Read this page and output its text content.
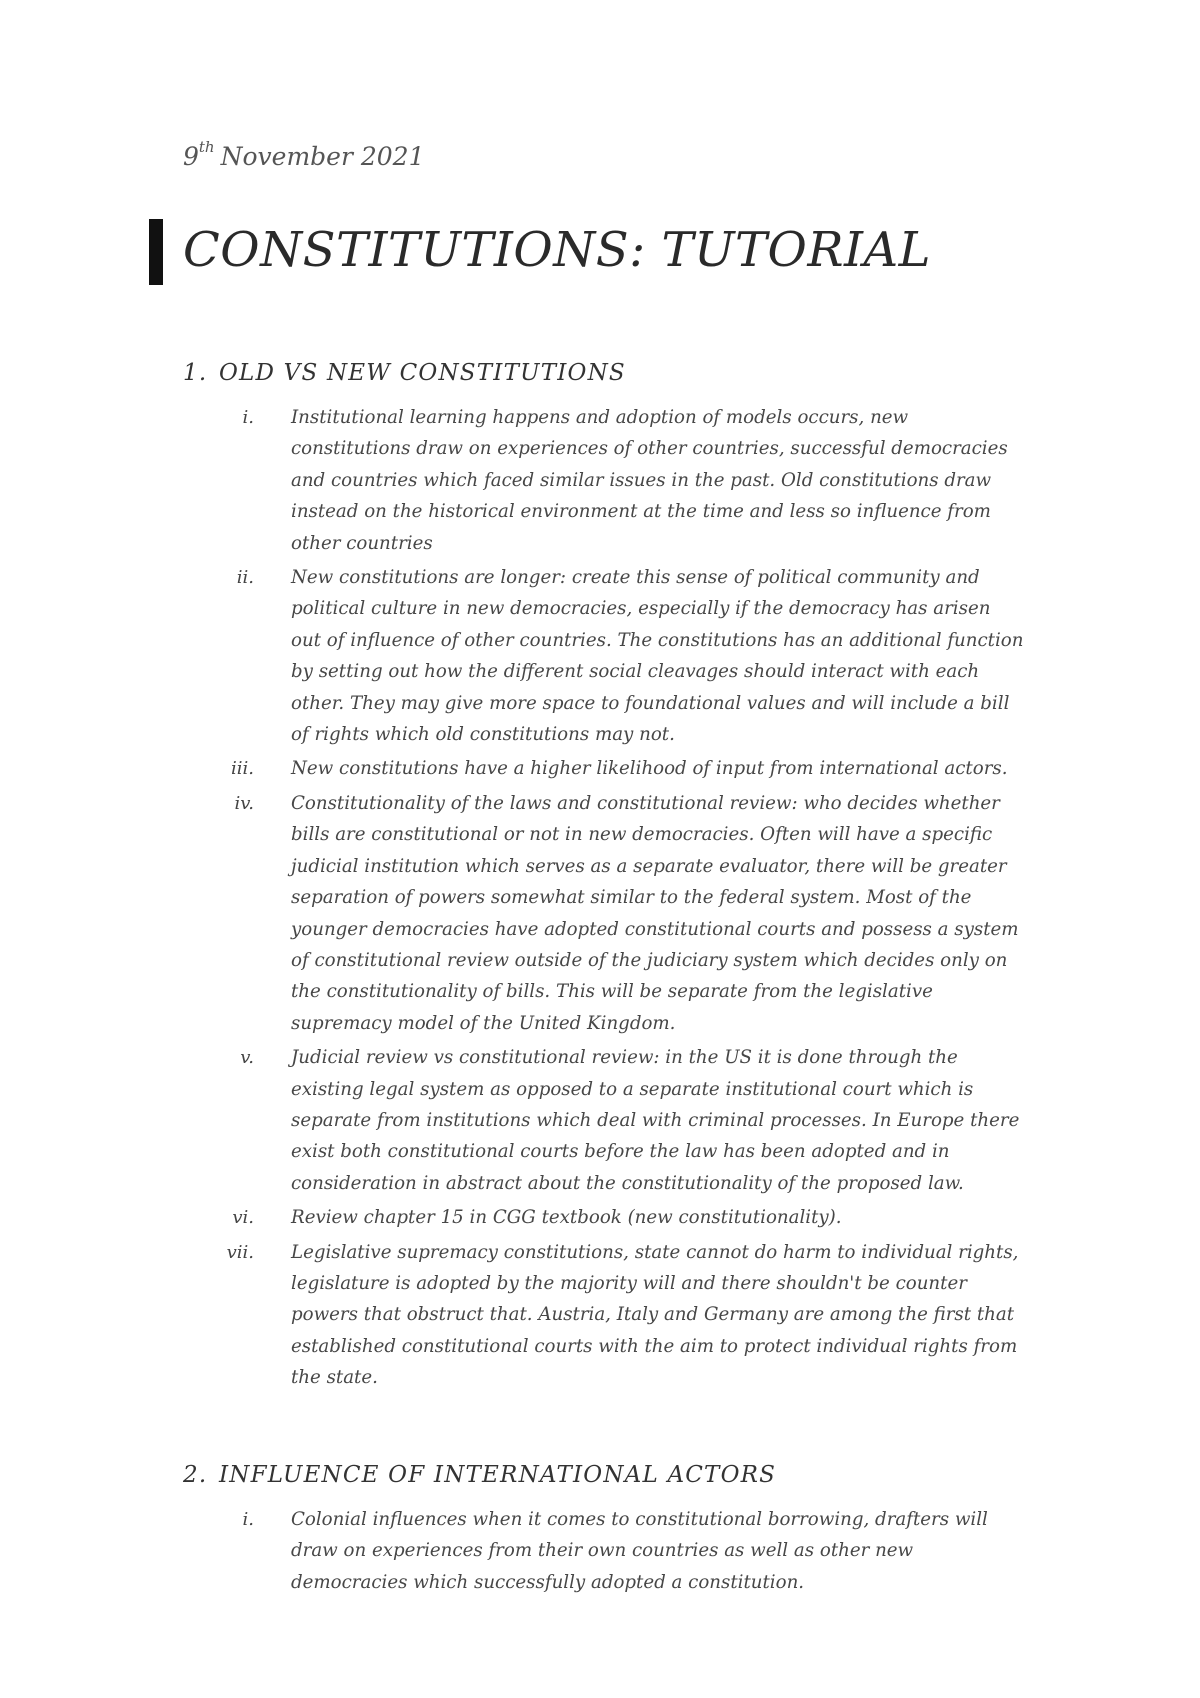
9th November 2021
CONSTITUTIONS: TUTORIAL
1. OLD VS NEW CONSTITUTIONS
i. Institutional learning happens and adoption of models occurs, new constitutions draw on experiences of other countries, successful democracies and countries which faced similar issues in the past. Old constitutions draw instead on the historical environment at the time and less so influence from other countries
ii. New constitutions are longer: create this sense of political community and political culture in new democracies, especially if the democracy has arisen out of influence of other countries. The constitutions has an additional function by setting out how the different social cleavages should interact with each other. They may give more space to foundational values and will include a bill of rights which old constitutions may not.
iii. New constitutions have a higher likelihood of input from international actors.
iv. Constitutionality of the laws and constitutional review: who decides whether bills are constitutional or not in new democracies. Often will have a specific judicial institution which serves as a separate evaluator, there will be greater separation of powers somewhat similar to the federal system. Most of the younger democracies have adopted constitutional courts and possess a system of constitutional review outside of the judiciary system which decides only on the constitutionality of bills. This will be separate from the legislative supremacy model of the United Kingdom.
v. Judicial review vs constitutional review: in the US it is done through the existing legal system as opposed to a separate institutional court which is separate from institutions which deal with criminal processes. In Europe there exist both constitutional courts before the law has been adopted and in consideration in abstract about the constitutionality of the proposed law.
vi. Review chapter 15 in CGG textbook (new constitutionality).
vii. Legislative supremacy constitutions, state cannot do harm to individual rights, legislature is adopted by the majority will and there shouldn't be counter powers that obstruct that. Austria, Italy and Germany are among the first that established constitutional courts with the aim to protect individual rights from the state.
2. INFLUENCE OF INTERNATIONAL ACTORS
i. Colonial influences when it comes to constitutional borrowing, drafters will draw on experiences from their own countries as well as other new democracies which successfully adopted a constitution.
